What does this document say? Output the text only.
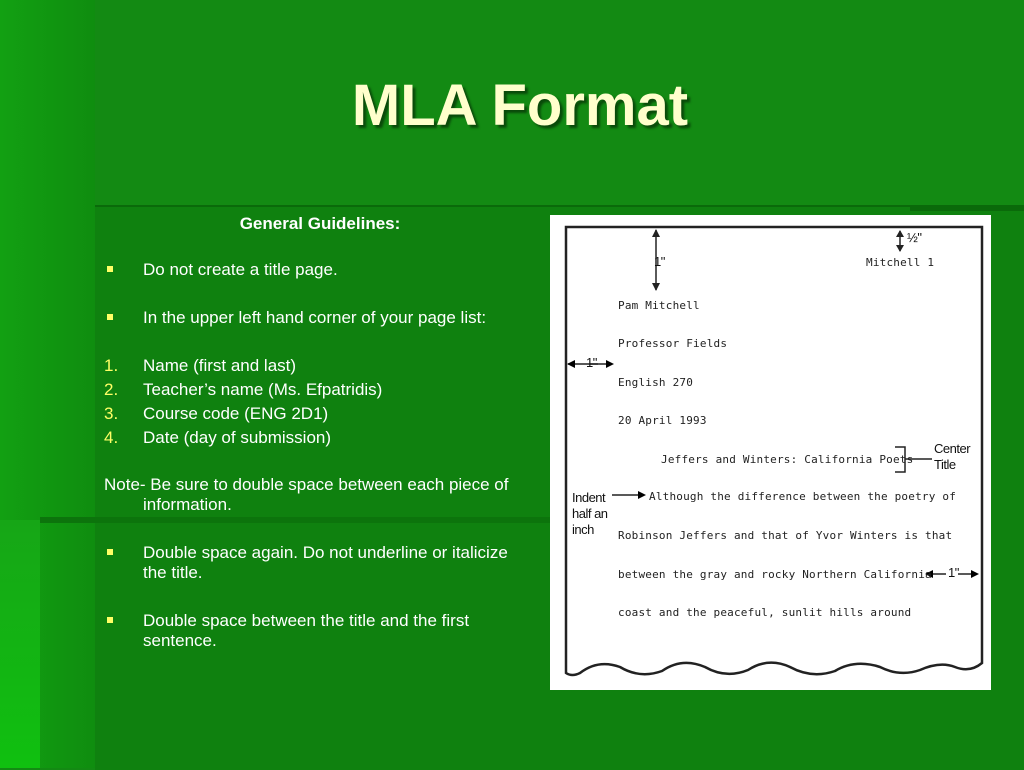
MLA Format

General Guidelines:

Do not create a title page.

In the upper left hand corner of your page list:

1. Name (first and last)

2. Teacher’s name (Ms. Efpatridis)

3. Course code (ENG 2D1)

4. Date (day of submission)

Note- Be sure to double space between each piece of information.

Double space again. Do not underline or italicize the title.

Double space between the title and the first sentence.

½"
Mitchell 1
1"
Pam Mitchell
Professor Fields
1"
English 270
20 April 1993
Jeffers and Winters: California Poets
Center Title
Indent half an inch
Although the difference between the poetry of
Robinson Jeffers and that of Yvor Winters is that
between the gray and rocky Northern California 1"
coast and the peaceful, sunlit hills around
